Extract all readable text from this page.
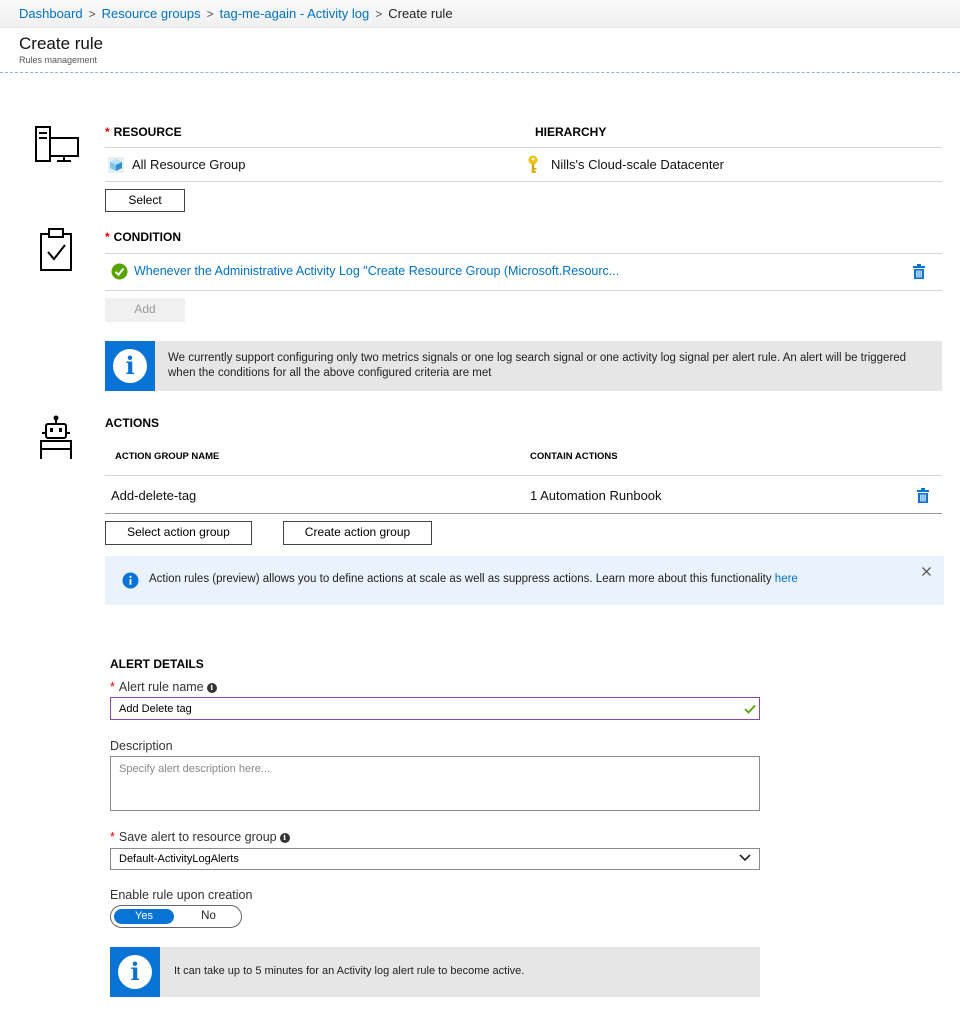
Dashboard > Resource groups > tag-me-again - Activity log > Create rule
Create rule
Rules management
* RESOURCE	HIERARCHY
All Resource Group	Nills's Cloud-scale Datacenter
Select
* CONDITION
Whenever the Administrative Activity Log "Create Resource Group (Microsoft.Resourc...
Add
i	We currently support configuring only two metrics signals or one log search signal or one activity log signal per alert rule. An alert will be triggered when the conditions for all the above configured criteria are met
ACTIONS
ACTION GROUP NAME	CONTAIN ACTIONS
Add-delete-tag	1 Automation Runbook
Select action group	Create action group
Action rules (preview) allows you to define actions at scale as well as suppress actions. Learn more about this functionality here
ALERT DETAILS
* Alert rule name i
Add Delete tag
Description
Specify alert description here...
* Save alert to resource group i
Default-ActivityLogAlerts
Enable rule upon creation
Yes	No
i	It can take up to 5 minutes for an Activity log alert rule to become active.
